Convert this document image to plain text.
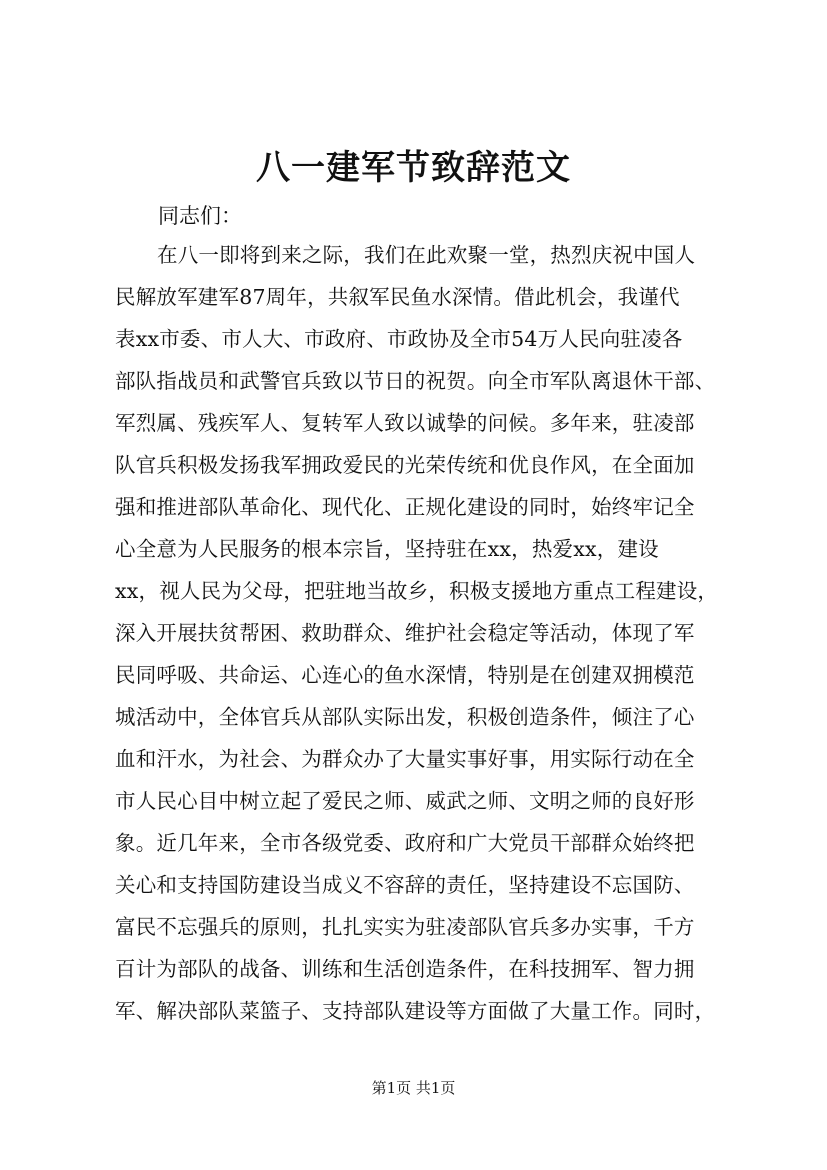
八一建军节致辞范文
同志们：
在八一即将到来之际，我们在此欢聚一堂，热烈庆祝中国人
民解放军建军87周年，共叙军民鱼水深情。借此机会，我谨代
表xx市委、市人大、市政府、市政协及全市54万人民向驻凌各
部队指战员和武警官兵致以节日的祝贺。向全市军队离退休干部、
军烈属、残疾军人、复转军人致以诚挚的问候。多年来，驻凌部
队官兵积极发扬我军拥政爱民的光荣传统和优良作风，在全面加
强和推进部队革命化、现代化、正规化建设的同时，始终牢记全
心全意为人民服务的根本宗旨，坚持驻在xx，热爱xx，建设
xx，视人民为父母，把驻地当故乡，积极支援地方重点工程建设，
深入开展扶贫帮困、救助群众、维护社会稳定等活动，体现了军
民同呼吸、共命运、心连心的鱼水深情，特别是在创建双拥模范
城活动中，全体官兵从部队实际出发，积极创造条件，倾注了心
血和汗水，为社会、为群众办了大量实事好事，用实际行动在全
市人民心目中树立起了爱民之师、威武之师、文明之师的良好形
象。近几年来，全市各级党委、政府和广大党员干部群众始终把
关心和支持国防建设当成义不容辞的责任，坚持建设不忘国防、
富民不忘强兵的原则，扎扎实实为驻凌部队官兵多办实事，千方
百计为部队的战备、训练和生活创造条件，在科技拥军、智力拥
军、解决部队菜篮子、支持部队建设等方面做了大量工作。同时，
第1页 共1页
